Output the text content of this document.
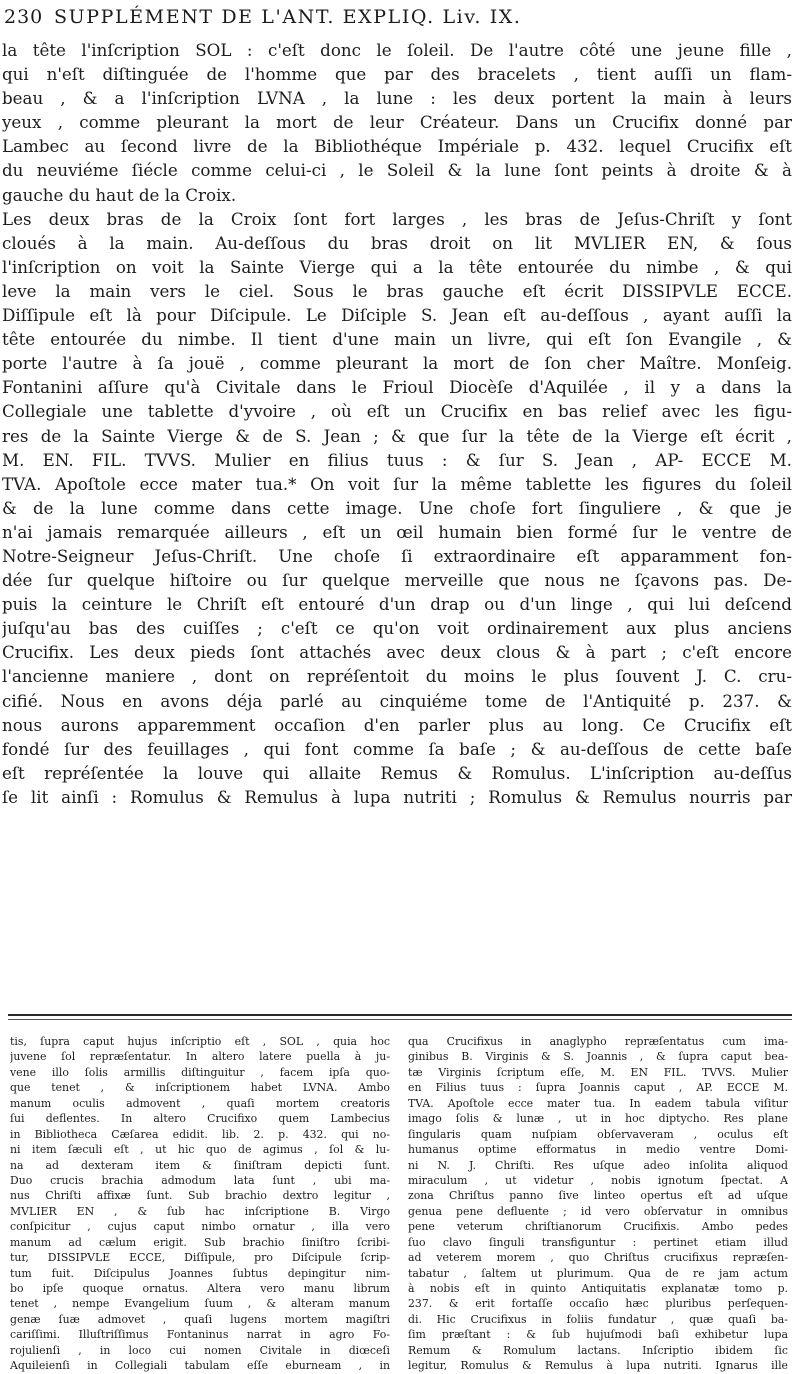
230 SUPPLÉMENT DE L'ANT. EXPLIQ. Liv. IX.
la tête l'inſcription SOL : c'eſt donc le ſoleil. De l'autre côté une jeune fille ,
qui n'eſt diſtinguée de l'homme que par des bracelets , tient auſſi un flam-
beau , & a l'inſcription LVNA , la lune : les deux portent la main à leurs
yeux , comme pleurant la mort de leur Créateur. Dans un Crucifix donné par
Lambec au ſecond livre de la Bibliothéque Impériale p. 432. lequel Crucifix eſt
du neuviéme ſiécle comme celui-ci , le Soleil & la lune ſont peints à droite & à
gauche du haut de la Croix.
Les deux bras de la Croix ſont fort larges , les bras de Jeſus-Chriſt y ſont
cloués à la main. Au-deſſous du bras droit on lit MVLIER EN, & ſous
l'inſcription on voit la Sainte Vierge qui a la tête entourée du nimbe , & qui
leve la main vers le ciel. Sous le bras gauche eſt écrit DISSIPVLE ECCE.
Diſſipule eſt là pour Diſcipule. Le Diſciple S. Jean eſt au-deſſous , ayant auſſi la
tête entourée du nimbe. Il tient d'une main un livre, qui eſt ſon Evangile , &
porte l'autre à ſa jouë , comme pleurant la mort de ſon cher Maître. Monſeig.
Fontanini aſſure qu'à Civitale dans le Frioul Diocèſe d'Aquilée , il y a dans la
Collegiale une tablette d'yvoire , où eſt un Crucifix en bas relief avec les figu-
res de la Sainte Vierge & de S. Jean ; & que ſur la tête de la Vierge eſt écrit ,
M. EN. FIL. TVVS. Mulier en filius tuus : & ſur S. Jean , AP- ECCE M.
TVA. Apoſtole ecce mater tua.* On voit ſur la même tablette les figures du ſoleil
& de la lune comme dans cette image. Une choſe fort ſinguliere , & que je
n'ai jamais remarquée ailleurs , eſt un œil humain bien formé ſur le ventre de
Notre-Seigneur Jeſus-Chriſt. Une choſe ſi extraordinaire eſt apparamment fon-
dée ſur quelque hiſtoire ou ſur quelque merveille que nous ne ſçavons pas. De-
puis la ceinture le Chriſt eſt entouré d'un drap ou d'un linge , qui lui deſcend
juſqu'au bas des cuiſſes ; c'eſt ce qu'on voit ordinairement aux plus anciens
Crucifix. Les deux pieds ſont attachés avec deux clous & à part ; c'eſt encore
l'ancienne maniere , dont on repréſentoit du moins le plus ſouvent J. C. cru-
cifié. Nous en avons déja parlé au cinquiéme tome de l'Antiquité p. 237. &
nous aurons apparemment occaſion d'en parler plus au long. Ce Crucifix eſt
fondé ſur des feuillages , qui font comme ſa baſe ; & au-deſſous de cette baſe
eſt repréſentée la louve qui allaite Remus & Romulus. L'inſcription au-deſſus
ſe lit ainſi : Romulus & Remulus à lupa nutriti ; Romulus & Remulus nourris par
tis, ſupra caput hujus inſcriptio eſt , SOL , quia hoc
juvene ſol repræſentatur. In altero latere puella à ju-
vene illo ſolis armillis diſtinguitur , facem ipſa quo-
que tenet , & inſcriptionem habet LVNA. Ambo
manum oculis admovent , quaſi mortem creatoris
ſui deflentes. In altero Crucifixo quem Lambecius
in Bibliotheca Cæſarea edidit. lib. 2. p. 432. qui no-
ni item ſæculi eſt , ut hic quo de agimus , ſol & lu-
na ad dexteram item & ſiniſtram depicti ſunt.
Duo crucis brachia admodum lata ſunt , ubi ma-
nus Chriſti affixæ ſunt. Sub brachio dextro legitur ,
MVLIER EN , & ſub hac inſcriptione B. Virgo
conſpicitur , cujus caput nimbo ornatur , illa vero
manum ad cælum erigit. Sub brachio ſiniſtro ſcribi-
tur, DISSIPVLE ECCE, Diſſipule, pro Diſcipule ſcrip-
tum fuit. Diſcipulus Joannes ſubtus depingitur nim-
bo ipſe quoque ornatus. Altera vero manu librum
tenet , nempe Evangelium ſuum , & alteram manum
genæ ſuæ admovet , quaſi lugens mortem magiſtri
cariſſimi. Illuſtriſſimus Fontaninus narrat in agro Fo-
rojulienſi , in loco cui nomen Civitale in diœceſi
Aquileienſi in Collegiali tabulam eſſe eburneam , in
qua Crucifixus in anaglypho repræſentatus cum ima-
ginibus B. Virginis & S. Joannis , & ſupra caput bea-
tæ Virginis ſcriptum eſſe, M. EN FIL. TVVS. Mulier
en Filius tuus : ſupra Joannis caput , AP. ECCE M.
TVA. Apoſtole ecce mater tua. In eadem tabula viſitur
imago ſolis & lunæ , ut in hoc diptycho. Res plane
ſingularis quam nuſpiam obſervaveram , oculus eſt
humanus optime efformatus in medio ventre Domi-
ni N. J. Chriſti. Res uſque adeo inſolita aliquod
miraculum , ut videtur , nobis ignotum ſpectat. A
zona Chriſtus panno ſive linteo opertus eſt ad uſque
genua pene defluente ; id vero obſervatur in omnibus
pene veterum chriſtianorum Crucifixis. Ambo pedes
ſuo clavo ſinguli transfiguntur : pertinet etiam illud
ad veterem morem , quo Chriſtus crucifixus repræſen-
tabatur , ſaltem ut plurimum. Qua de re jam actum
à nobis eſt in quinto Antiquitatis explanatæ tomo p.
237. & erit fortaſſe occaſio hæc pluribus perſequen-
di. Hic Crucifixus in foliis fundatur , quæ quaſi ba-
ſim præſtant : & ſub hujuſmodi baſi exhibetur lupa
Remum & Romulum lactans. Inſcriptio ibidem ſic
legitur, Romulus & Remulus à lupa nutriti. Ignarus ille
